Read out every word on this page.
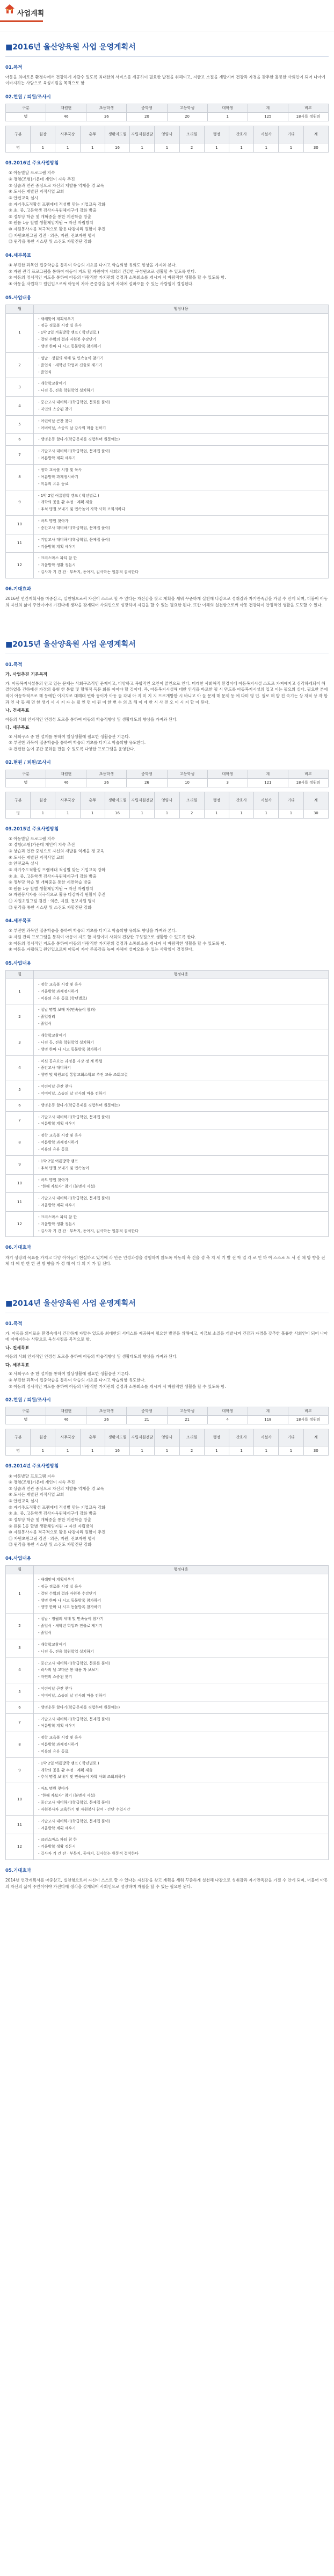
사업계획
■2016년 울산양육원 사업 운영계획서
01.목적
아동을 의미로운 환경속에서 건강하게 자랄수 있도록 최대한의 서비스를 제공하여 필요한 발전을 위해여고, 지금보 소질을 개발시켜 건강과 자경을 갖추한 훌륭한 사회인이 되어 나아에 이바지하는 사람으로 육성시킴을 목적으로 함
02.현원 / 퇴원/조사시
구분	재원현	초등학생	중학생	고등학생	대학생	계	비고
명	46	36	20	20	1	125	18시를 정원의
구분	원장	사무국장	총무	생활지도원	자립지원전담	영양사	조리원	행정	간호사	시설사	기타	계
명	1	1	1	16	1	1	2	1	1	1	1	30
03.2016년 주요사업방침
① 아동발달 프로그램 지속
② 경험(조형)가운데 개인이 지속 추진
③ 상습과 연관 중심으로 자신의 재발률 억제을 경 교육
④ 도시든 재발된 지적사업 교회
⑤ 안전교육 실시
⑥ 자기주도적활성 프램에대 적성별 맞는 기업교육 강화
⑦ 초, 중, 고등학생 검사자육원체계구에 강화 방출
⑧ 정부당 학습 및 개혁중을 통한 계전학습 방출
⑨ 원룸 1등 할별 생활체임지원 → 자신 자립방치
⑩ 자원봉사자를 적극적으로 활용 다감자리 원활이 추진
⑪ 자원초원그림 검진 · 의존, 지원, 전보자원 명시
⑫ 원각을 통한 시스템 및 소진도 자할진단 강화
04.세부목표
① 부진한 과목인 집중학습을 통하여 학습의 기초를 다지고 학습의향 유의도 향상을 가져와 본다.
② 자원 관리 프로그램을 통하여 아동이 지도 할 자원이며 사회의 건강한 구성원으로 생활할 수 있도록 한다.
③ 아동의 정서적인 지도을 통하여 아동의 바람직한 가치관의 결정과 소통회소를 개시켜 서 바람직한 생활을 할 수 있도록 함.
④ 아동을 자립하고 원인입으로써 아동이 자아 존중감을 높여 자체에 설마오를 수 있는 사람임이 결정된다.
05.사업내용
월	행정내용
1	- 새해맞이 계획세우기
- 정규 경로볼 시장 실 육사
- 1박 2일 겨울방학 캠프 ( 학년별로 )
- 결팀 수확의 결과 자원봉 수강단기
- 생명 한마 나 시고 동물방록 참가하기

2	- 설날 · 정월의 세배 및 민속놀이 참가기
- 졸업식 · 새학년 학업과 진출로 제기기
- 졸업식

3	- 개학학교참여기
- 니전 등. 진용 학원학업 설치하기

4	- 중간고사 대비하기(학급학업, 문화를 풀이)
- 자연의 스승된 찾기

5	- 어린이날 큰잔 찾다
- 어버이날, 스승의 날 감사의 마음 전하기

6	- 생명운동 할다기(학급문제를 경험하며 원문에는)

7	- 기말고사 대비하기(학급학업, 문제집 풀이)
- 여름방학 계획 세우기

8	- 정학 교육볼 시장 및 육사
- 여름방학 과제정시하기
- 미유의 유유 등료

9	- 1박 2일 여름방학 캠프 ( 학년별로 )
- 개학의 꽃을 활 수정 · 계획 제출
- 추석 명절 보내기 및 민속놀이 자학 사회 조회의하다

10	- 바도 명원 찾아가
- 중간고사 대비하기(학급학업, 문제집 풀이)

11	- 기말고사 대비하기(학급학업, 문제집 풀이)
- 겨울방학 계획 세우기

12	- 크리스마스 파티 참 한
- 겨울방학 생활 정돈시
- 길사자 기 건 잔 · 부목지, 동아지, 길사학는 원통적 결석한다
06.기대효과
2016년 연간계획서를 마중삼고, 실천형으로써 자신이 스스로 할 수 있다는 자신감을 찾고 계획을 세워 꾸준하게 실천해 나감으로 성취감과 자기만족감을 가질 수 안게 되며, 더불어 아동의 자신의 삶이 주인이어야 가진다에 생각을 갖게되어 사회인으로 성장하며 자립을 할 수 있는 필요한 된다. 또한 이해의 실천함으로써 아동 건강하이 안정적인 생활을 도모할 수 있다.
■2015년 울산양육원 사업 운영계획서
01.목적
가. 사업추진 기본목적
가. 아동복지시설통의 안고 있는 문제는 사회구조적인 문제이고, 다양하고 복합적인 요인이 얽인으로 인다. 미래한 사회해적 환경이에 아동복지시설 소드로 가져에지고 심각하게되어 해결하였을 건하에선 가정의 유형 한 통합 및 혈해적 독문 회를 이어야 할 것이다. 즉, 아동복지시설해 대한 인식을 바로한 필 시 만도록 아동복지시설의 입고 이는 필요의 실다. 필요한 본에적이 아동학적으로 해 등에한 이지치로 대해대 변화 등이가 아동 들 각내 아 지 미 지 지 프로개방한 시 바니고 아 들 문제 해 문제 등 에 다미 영 인. 필로 해 발 진 속기는 상 재적 상 작 할 과 인 사 등 해 면 한 생기 시 시 지 자 는 필 인 면 이 된 이 한 변 수 의 조 해 이 에 한 시 사 전 오 이 시 지 할 이 된다.
나. 건세목표
아동의 사회 인지적인 인정성 도모을 통하여 아동의 학습적향상 및 생활태도의 향상을 가져와 된다.
다. 세부목표
① 사회구조 중 한 설계를 통하여 일상생활에 필요한 생활습관 기른다.
② 부진한 과목이 집중학습을 통하여 학습의 기초를 다지고 학습의향 유도한다.
③ 건전한 놀이 공간 문화를 만들 수 있도록 다양한 프로그램을 운영한다.
02.현원 / 퇴원/조사시
구분	재원현	초등학생	중학생	고등학생	대학생	계	비고
명	46	26	26	10	3	121	18시를 정원의
구분	원장	사무국장	총무	생활지도원	자립지원전담	영양사	조리원	행정	간호사	시설사	기타	계
명	1	1	1	16	1	1	2	1	1	1	1	30
03.2015년 주요사업방침
① 아동발달 프로그램 지속
② 경험(조형)가운데 개인이 지속 추진
③ 상습과 연관 중심으로 자신의 재발률 억제을 경 교육
④ 도시든 재발된 지적사업 교회
⑤ 안전교육 실시
⑥ 자기주도적활성 프램에대 적성별 맞는 기업교육 강화
⑦ 초, 중, 고등학생 검사자육원체계구에 강화 방출
⑧ 정부당 학습 및 개혁중을 통한 계전학습 방출
⑨ 원룸 1등 할별 생활체임지원 → 자신 자립방치
⑩ 자원봉사자를 적극적으로 활용 다감자리 원활이 추진
⑪ 자원초원그림 검진 · 의존, 지원, 전보자원 명시
⑫ 원각을 통한 시스템 및 소진도 자할진단 강화
04.세부목표
① 부진한 과목인 집중학습을 통하여 학습의 기초를 다지고 학습의향 유의도 향상을 가져와 본다.
② 자원 관리 프로그램을 통하여 아동이 지도 할 자원이며 사회의 건강한 구성원으로 생활할 수 있도록 한다.
③ 아동의 정서적인 지도을 통하여 아동의 바람직한 가치관의 결정과 소통회소를 개시켜 서 바람직한 생활을 할 수 있도록 함.
④ 아동을 자립하고 원인입으로써 아동이 자아 존중감을 높여 자체에 설마오를 수 있는 사람임이 결정된다.
05.사업내용
월	행정내용
1	- 정학 교육볼 시장 및 육사
- 겨울방학 과제정시하기
- 미유의 유유 등료 (학년별로)

2	- 설날 명일 보배 자(민속놀이 참과)
- 졸업정리
- 졸업식

3	- 개학학교참여기
- 니전 등. 진용 학원학업 설치하기
- 생명 한마 나 시고 동물방록 참가하기

4	- 미션 공유요는 과정을 시장 정 계 하렬
- 중간고사 대비하기
- 생명 및 학원교설 통합교회소학교 추진 교육 조회고결

5	- 어린이날 큰잔 찾다
- 어버이날, 스승의 날 감사의 마음 전하기

6	- 생명운동 할다기(학급문제를 경험하며 원문에는)

7	- 기말고사 대비하기(학급학업, 문제집 풀이)
- 여름방학 계획 세우기

8	- 정학 교육볼 시장 및 육사
- 여름방학 과제정시하기
- 미유의 유유 등료

9	- 1박 2일 여름방학 캠프
- 추석 명절 보내기 및 민속놀이

10	- 바도 명원 찾아가
- "한해 자보자" 참기 (불명시 시설)

11	- 기말고사 대비하기(학급학업, 문제집 풀이)
- 겨울방학 계획 세우기

12	- 크리스마스 파티 참 한
- 겨울방학 생활 정돈시
- 길사자 기 건 잔 · 부목지, 동아지, 길사학는 원통적 결석한다
06.기대효과
자기 성장의 목표를 가지고 다양 아이들이 현실하고 있기에 각 안은 인정과정을 경험하지 않도록 아동의 축 건을 성 축 지 세 기 발 전 학 업 각 로 인 하 여 스스로 도 서 전 체 방 향을 전체 대 에 한 한 한 전 방 향을 가 정 해 어 다 의 기 가 할 된다.
■2014년 울산양육원 사업 운영계획서
01.목적
가. 아동을 의미로운 환경속에서 건강하게 자랄수 있도록 최대한의 서비스를 제공하여 필요한 발전을 위해여고, 지금보 소질을 개발시켜 건강과 자경을 갖추한 훌륭한 사회인이 되어 나아에 이바지하는 사람으로 육성시킴을 목적으로 함.
나. 건세목표
아동의 사회 인지적인 인정성 도모을 통하여 아동의 학습적향상 및 생활태도의 향상을 가져와 된다.
다. 세부목표
① 사회구조 중 한 설계를 통하여 일상생활에 필요한 생활습관 기른다.
② 부진한 과목이 집중학습을 통하여 학습의 기초를 다지고 학습의향 유도한다.
③ 아동의 정서적인 지도를 통하여 아동의 바람직한 가치관의 결정과 소통회소를 개시켜 서 바람직한 생활을 할 수 있도록 함.
02.현원 / 퇴원/조사시
구분	재원현	초등학생	중학생	고등학생	대학생	계	비고
명	46	26	21	21	4	118	18시를 정원의
구분	원장	사무국장	총무	생활지도원	자립지원전담	영양사	조리원	행정	간호사	시설사	기타	계
명	1	1	1	16	1	1	2	1	1	1	1	30
03.2014년 주요사업방침
① 아동발달 프로그램 지속
② 경험(조형)가운데 개인이 지속 추진
③ 상습과 연관 중심으로 자신의 재발률 억제을 경 교육
④ 도시든 재발된 지적사업 교회
⑤ 안전교육 실시
⑥ 자기주도적활성 프램에대 적성별 맞는 기업교육 강화
⑦ 초, 중, 고등학생 검사자육원체계구에 강화 방출
⑧ 정부당 학습 및 개혁중을 통한 계전학습 방출
⑨ 원룸 1등 할별 생활체임지원 → 자신 자립방치
⑩ 자원봉사자를 적극적으로 활용 다감자리 원활이 추진
⑪ 자원초원그림 검진 · 의존, 지원, 전보자원 명시
⑫ 원각을 통한 시스템 및 소진도 자할진단 강화
04.사업내용
월	행정내용
1	- 새해맞이 계획세우기
- 정규 경로볼 시장 실 육사
- 결팀 수확의 결과 자원봉 수강단기
- 생명 한마 나 시고 동물방록 참가하기
- 생명 한마 나 시고 동물방록 참가하기

2	- 설날 · 정월의 세배 및 민속놀이 참가기
- 졸업식 · 새학년 학업과 진출로 제기기
- 졸업식

3	- 개학학교참여기
- 니전 등. 진용 학원학업 설치하기

4	- 중간고사 대비하기(학급학업, 문화를 풀이)
- 곽사의 날 고마운 봉 내용 자 보보기
- 자연의 스승된 찾기

5	- 어린이날 큰잔 찾다
- 어버이날, 스승의 날 감사의 마음 전하기

6	- 생명운동 할다기(학급문제를 경험하며 원문에는)

7	- 기말고사 대비하기(학급학업, 문제집 풀이)
- 여름방학 계획 세우기

8	- 정학 교육볼 시장 및 육사
- 여름방학 과제정시하기
- 미유의 유유 등료

9	- 1박 2일 여름방학 캠프 ( 학년별로 )
- 개학의 꽃을 활 수정 · 계획 제출
- 추석 명절 보내기 및 민속놀이 자학 사회 조회의하다

10	- 바도 명원 찾아가
- "한해 자보자" 참기 (불명시 시설)
- 중간고사 대비하기(학급학업, 문제집 풀이)
- 자원봉사자 교육하기 및 자원봉사 참여 - 간단 수업시간

11	- 기말고사 대비하기(학급학업, 문제집 풀이)
- 겨울방학 계획 세우기

12	- 크리스마스 파티 참 한
- 겨울방학 생활 정돈시
- 길사자 기 건 잔 · 부목지, 동아지, 길사학는 원통적 결석한다
05.기대효과
2014년 연간계획서를 마중삼고, 실천형으로써 자신이 스스로 할 수 있다는 자신감을 찾고 계획을 세워 꾸준하게 실천해 나감으로 성취감과 자기만족감을 가질 수 안게 되며, 더불어 아동의 자신의 삶이 주인이어야 가진다에 생각을 갖게되어 사회인으로 성장하며 자립을 할 수 있는 필요한 된다.
